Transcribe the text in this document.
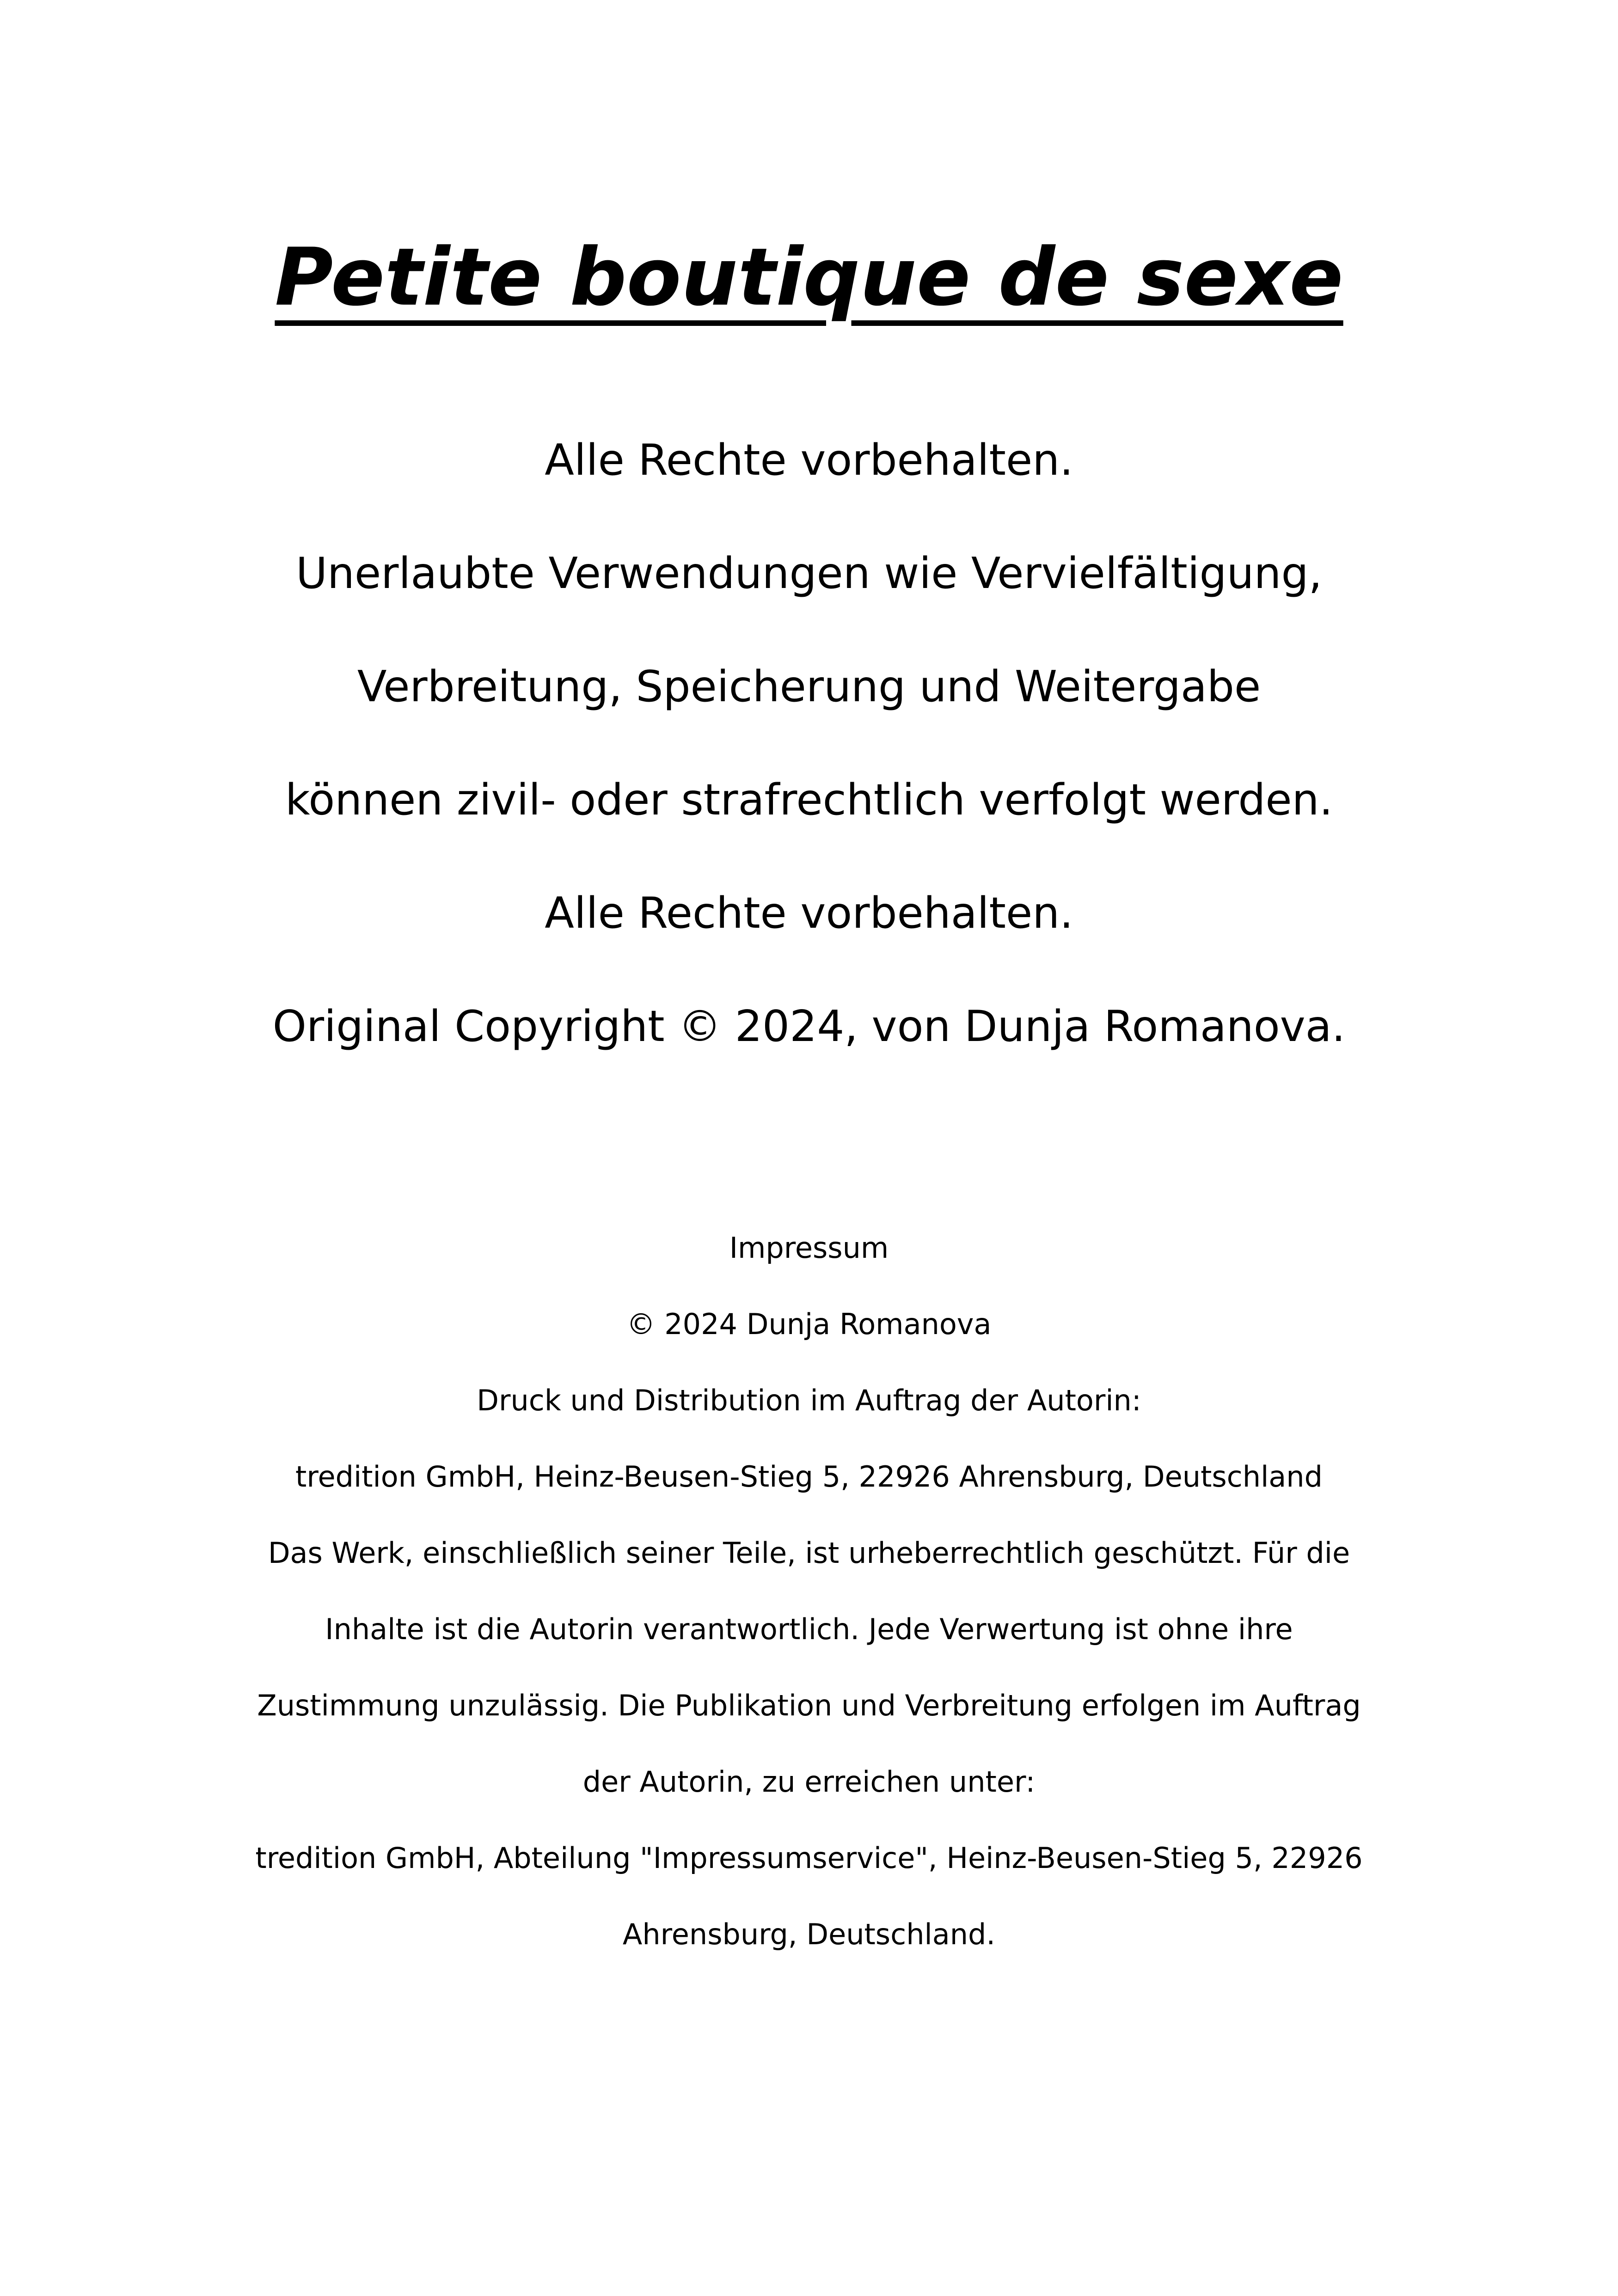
Petite boutique de sexe
Alle Rechte vorbehalten.
Unerlaubte Verwendungen wie Vervielfältigung,
Verbreitung, Speicherung und Weitergabe
können zivil- oder strafrechtlich verfolgt werden.
Alle Rechte vorbehalten.
Original Copyright © 2024, von Dunja Romanova.
Impressum
© 2024 Dunja Romanova
Druck und Distribution im Auftrag der Autorin:
tredition GmbH, Heinz-Beusen-Stieg 5, 22926 Ahrensburg, Deutschland
Das Werk, einschließlich seiner Teile, ist urheberrechtlich geschützt. Für die
Inhalte ist die Autorin verantwortlich. Jede Verwertung ist ohne ihre
Zustimmung unzulässig. Die Publikation und Verbreitung erfolgen im Auftrag
der Autorin, zu erreichen unter:
tredition GmbH, Abteilung "Impressumservice", Heinz-Beusen-Stieg 5, 22926
Ahrensburg, Deutschland.
